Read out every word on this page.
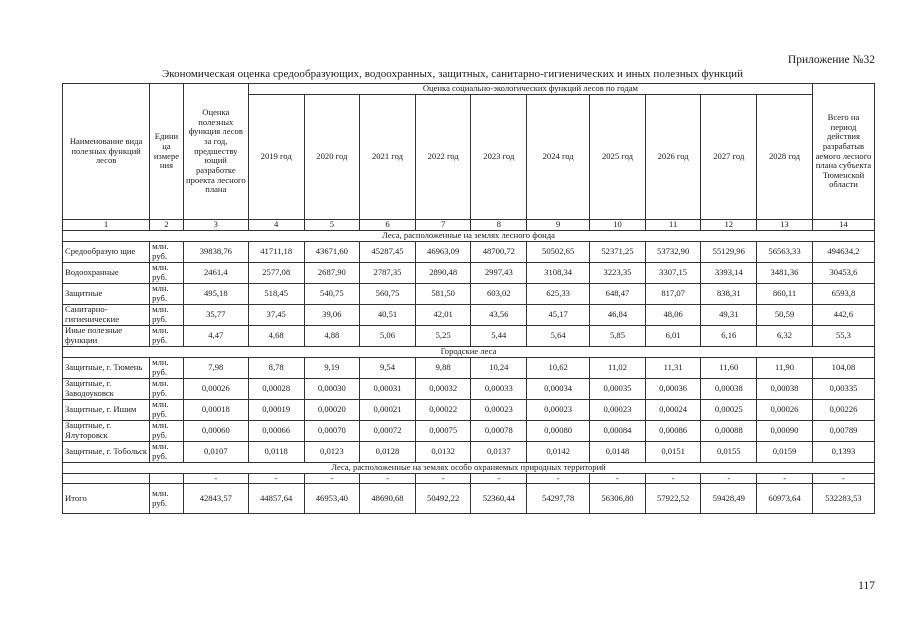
Приложение №32
Экономическая оценка средообразующих, водоохранных, защитных, санитарно-гигиенических и иных полезных функций
Наименование вида полезных функций лесов	Едини ца измере ния	Оценка полезных функция лесов за год, предшеству ющий разработке проекта лесного плана	Оценка социально-экологических функций лесов по годам										Всего на период действия разрабатыв аемого лесного плана субъекта Тюменской области
			2019 год	2020 год	2021 год	2022 год	2023 год	2024 год	2025 год	2026 год	2027 год	2028 год	
1	2	3	4	5	6	7	8	9	10	11	12	13	14
Леса, расположенные на землях лесного фонда													
Средообразую щие	млн. руб.	39838,76	41711,18	43671,60	45287,45	46963,09	48700,72	50502,65	52371,25	53732,90	55129,96	56563,33	494634,2
Водоохранные	млн. руб.	2461,4	2577,08	2687,90	2787,35	2890,48	2997,43	3108,34	3223,35	3307,15	3393,14	3481,36	30453,6
Защитные	млн. руб.	495,18	518,45	540,75	560,75	581,50	603,02	625,33	648,47	817,07	838,31	860,11	6593,8
Санитарно-гигиенические	млн. руб.	35,77	37,45	39,06	40,51	42,01	43,56	45,17	46,84	48,06	49,31	50,59	442,6
Иные полезные функции	млн. руб.	4,47	4,68	4,88	5,06	5,25	5,44	5,64	5,85	6,01	6,16	6,32	55,3
Городские леса													
Защитные, г. Тюмень	млн. руб.	7,98	8,78	9,19	9,54	9,88	10,24	10,62	11,02	11,31	11,60	11,90	104,08
Защитные, г. Заводоуковск	млн. руб.	0,00026	0,00028	0,00030	0,00031	0,00032	0,00033	0,00034	0,00035	0,00036	0,00038	0,00038	0,00335
Защитные, г. Ишим	млн. руб.	0,00018	0,00019	0,00020	0,00021	0,00022	0,00023	0,00023	0,00023	0,00024	0,00025	0,00026	0,00226
Защитные, г. Ялуторовск	млн. руб.	0,00060	0,00066	0,00070	0,00072	0,00075	0,00078	0,00080	0,00084	0,00086	0,00088	0,00090	0,00789
Защитные, г. Тобольск	млн. руб.	0,0107	0,0118	0,0123	0,0128	0,0132	0,0137	0,0142	0,0148	0,0151	0,0155	0,0159	0,1393
Леса, расположенные на землях особо охраняемых природных территорий													
		-	-	-	-	-	-	-	-	-	-	-	-
Итого	млн. руб.	42843,57	44857,64	46953,40	48690,68	50492,22	52360,44	54297,78	56306,80	57922,52	59428,49	60973,64	532283,53
117
